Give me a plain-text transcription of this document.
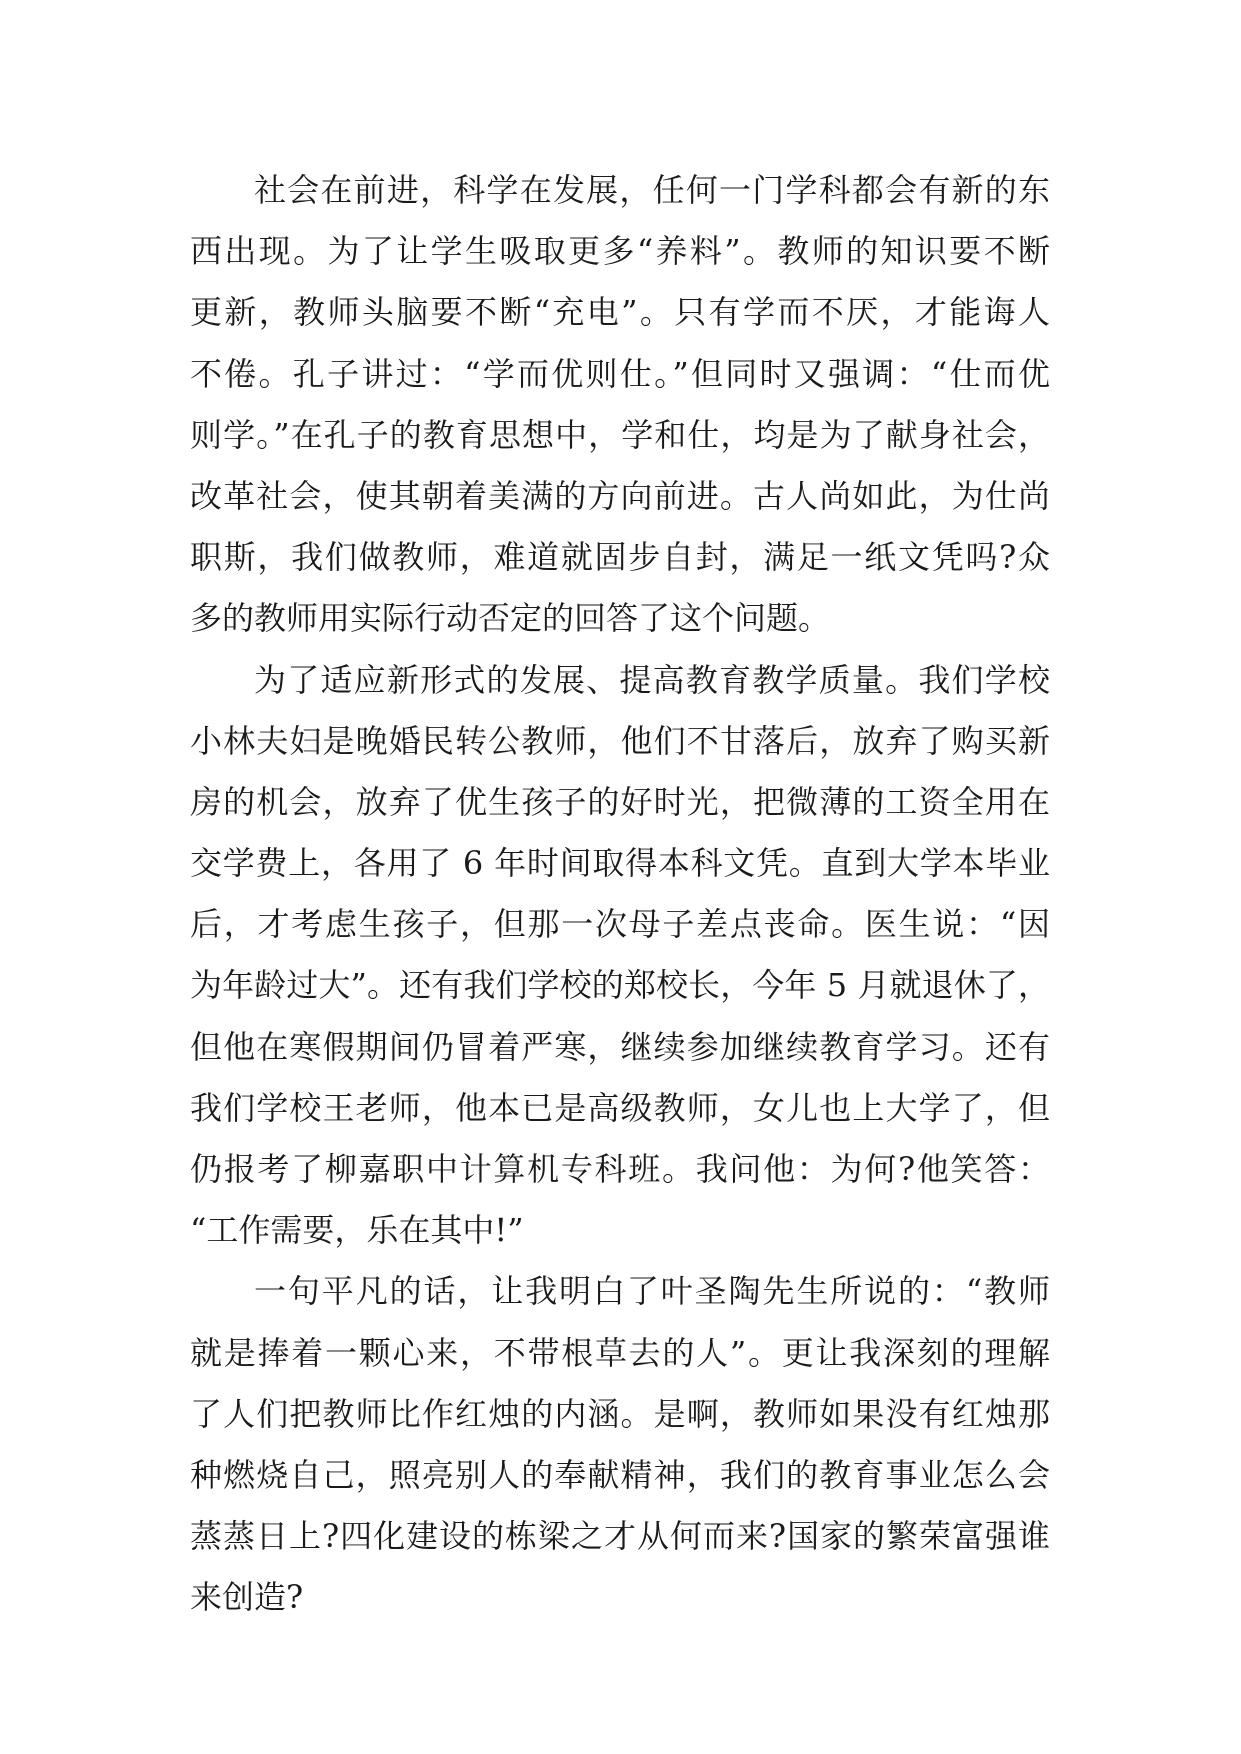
社会在前进，科学在发展，任何一门学科都会有新的东
西出现。为了让学生吸取更多“养料”。教师的知识要不断
更新，教师头脑要不断“充电”。只有学而不厌，才能诲人
不倦。孔子讲过：“学而优则仕。”但同时又强调：“仕而优
则学。”在孔子的教育思想中，学和仕，均是为了献身社会，
改革社会，使其朝着美满的方向前进。古人尚如此，为仕尚
职斯，我们做教师，难道就固步自封，满足一纸文凭吗?众
多的教师用实际行动否定的回答了这个问题。
为了适应新形式的发展、提高教育教学质量。我们学校
小林夫妇是晚婚民转公教师，他们不甘落后，放弃了购买新
房的机会，放弃了优生孩子的好时光，把微薄的工资全用在
交学费上，各用了 6 年时间取得本科文凭。直到大学本毕业
后，才考虑生孩子，但那一次母子差点丧命。医生说：“因
为年龄过大”。还有我们学校的郑校长，今年 5 月就退休了，
但他在寒假期间仍冒着严寒，继续参加继续教育学习。还有
我们学校王老师，他本已是高级教师，女儿也上大学了，但
仍报考了柳嘉职中计算机专科班。我问他：为何?他笑答：
“工作需要，乐在其中!”
一句平凡的话，让我明白了叶圣陶先生所说的：“教师
就是捧着一颗心来，不带根草去的人”。更让我深刻的理解
了人们把教师比作红烛的内涵。是啊，教师如果没有红烛那
种燃烧自己，照亮别人的奉献精神，我们的教育事业怎么会
蒸蒸日上?四化建设的栋梁之才从何而来?国家的繁荣富强谁
来创造?
